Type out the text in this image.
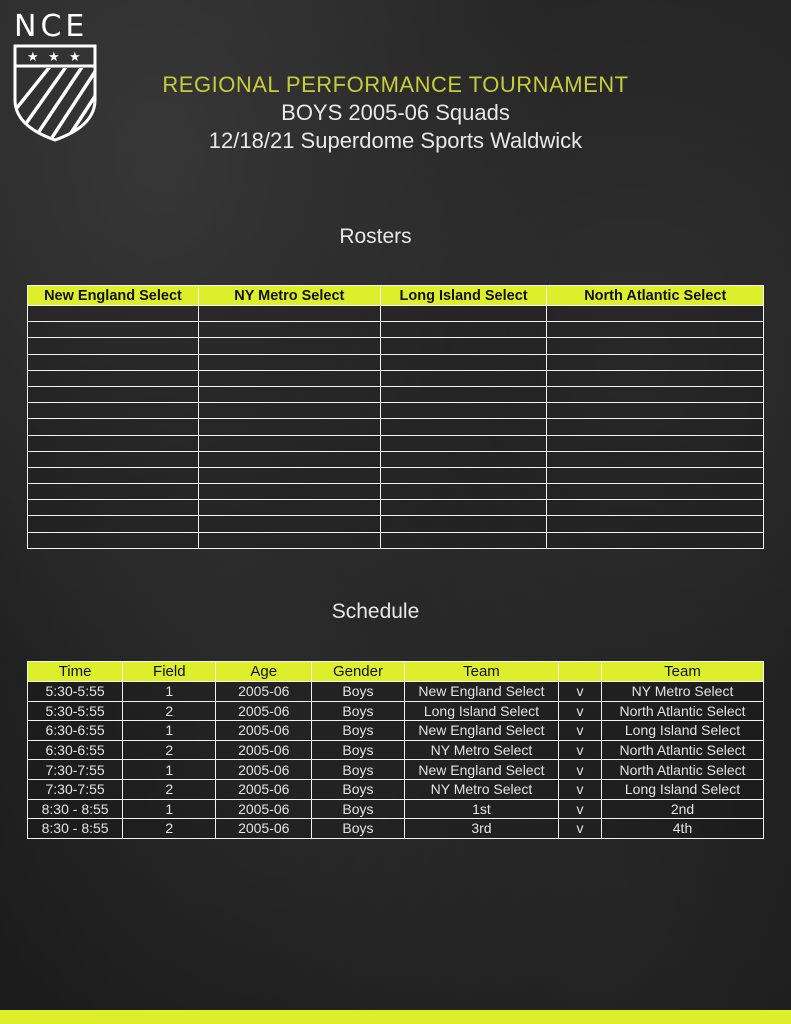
NCE
★ ★ ★
REGIONAL PERFORMANCE TOURNAMENT
BOYS 2005-06 Squads
12/18/21 Superdome Sports Waldwick
Rosters
New England Select	NY Metro Select	Long Island Select	North Atlantic Select

Schedule
Time	Field	Age	Gender	Team		Team
5:30-5:55	1	2005-06	Boys	New England Select	v	NY Metro Select
5:30-5:55	2	2005-06	Boys	Long Island Select	v	North Atlantic Select
6:30-6:55	1	2005-06	Boys	New England Select	v	Long Island Select
6:30-6:55	2	2005-06	Boys	NY Metro Select	v	North Atlantic Select
7:30-7:55	1	2005-06	Boys	New England Select	v	North Atlantic Select
7:30-7:55	2	2005-06	Boys	NY Metro Select	v	Long Island Select
8:30 - 8:55	1	2005-06	Boys	1st	v	2nd
8:30 - 8:55	2	2005-06	Boys	3rd	v	4th
